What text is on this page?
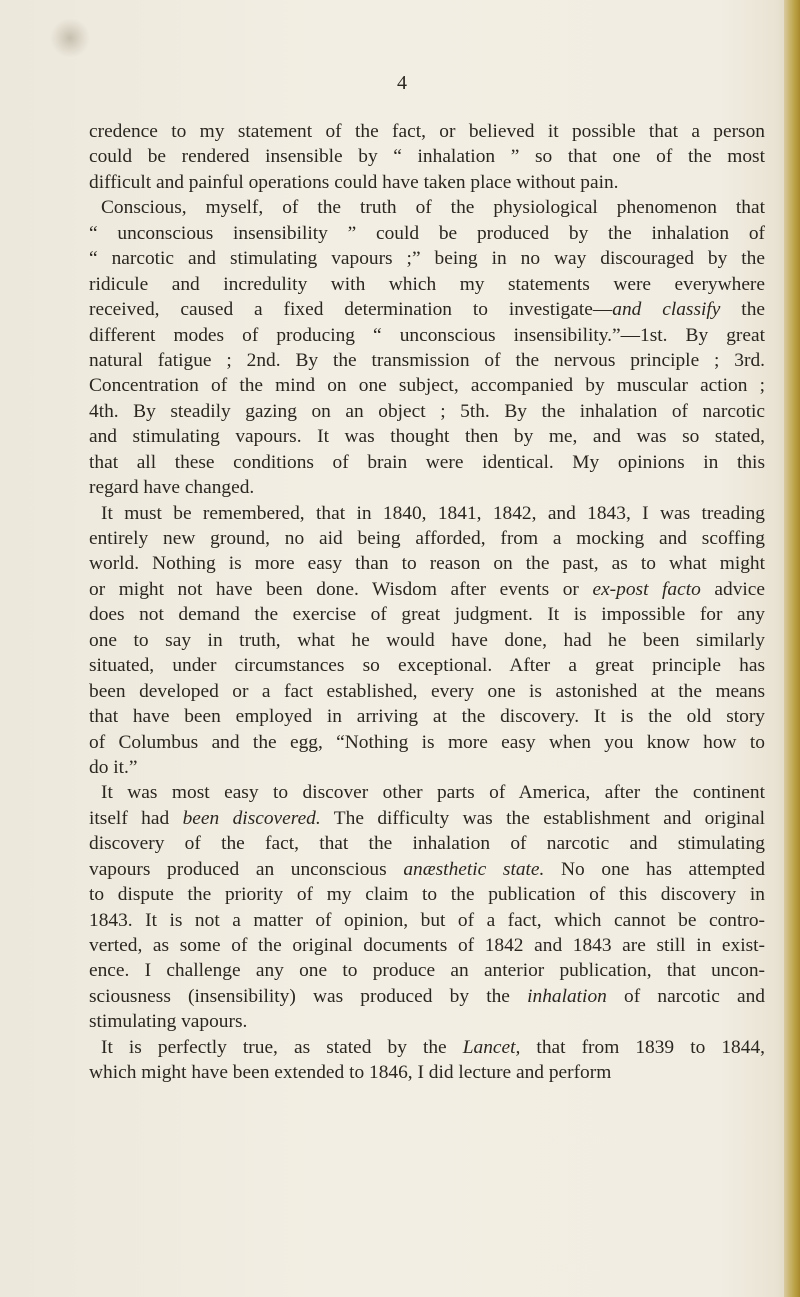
4
credence to my statement of the fact, or believed it possible that a person
could be rendered insensible by “ inhalation ” so that one of the most
difficult and painful operations could have taken place without pain.
Conscious, myself, of the truth of the physiological phenomenon that
“ unconscious insensibility ” could be produced by the inhalation of
“ narcotic and stimulating vapours ;” being in no way discouraged by the
ridicule and incredulity with which my statements were everywhere
received, caused a fixed determination to investigate—and classify the
different modes of producing “ unconscious insensibility.”—1st. By great
natural fatigue ; 2nd. By the transmission of the nervous principle ; 3rd.
Concentration of the mind on one subject, accompanied by muscular action ;
4th. By steadily gazing on an object ; 5th. By the inhalation of narcotic
and stimulating vapours. It was thought then by me, and was so stated,
that all these conditions of brain were identical. My opinions in this
regard have changed.
It must be remembered, that in 1840, 1841, 1842, and 1843, I was treading
entirely new ground, no aid being afforded, from a mocking and scoffing
world. Nothing is more easy than to reason on the past, as to what might
or might not have been done. Wisdom after events or ex-post facto advice
does not demand the exercise of great judgment. It is impossible for any
one to say in truth, what he would have done, had he been similarly
situated, under circumstances so exceptional. After a great principle has
been developed or a fact established, every one is astonished at the means
that have been employed in arriving at the discovery. It is the old story
of Columbus and the egg, “Nothing is more easy when you know how to
do it.”
It was most easy to discover other parts of America, after the continent
itself had been discovered. The difficulty was the establishment and original
discovery of the fact, that the inhalation of narcotic and stimulating
vapours produced an unconscious anæsthetic state. No one has attempted
to dispute the priority of my claim to the publication of this discovery in
1843. It is not a matter of opinion, but of a fact, which cannot be contro-
verted, as some of the original documents of 1842 and 1843 are still in exist-
ence. I challenge any one to produce an anterior publication, that uncon-
sciousness (insensibility) was produced by the inhalation of narcotic and
stimulating vapours.
It is perfectly true, as stated by the Lancet, that from 1839 to 1844,
which might have been extended to 1846, I did lecture and perform
